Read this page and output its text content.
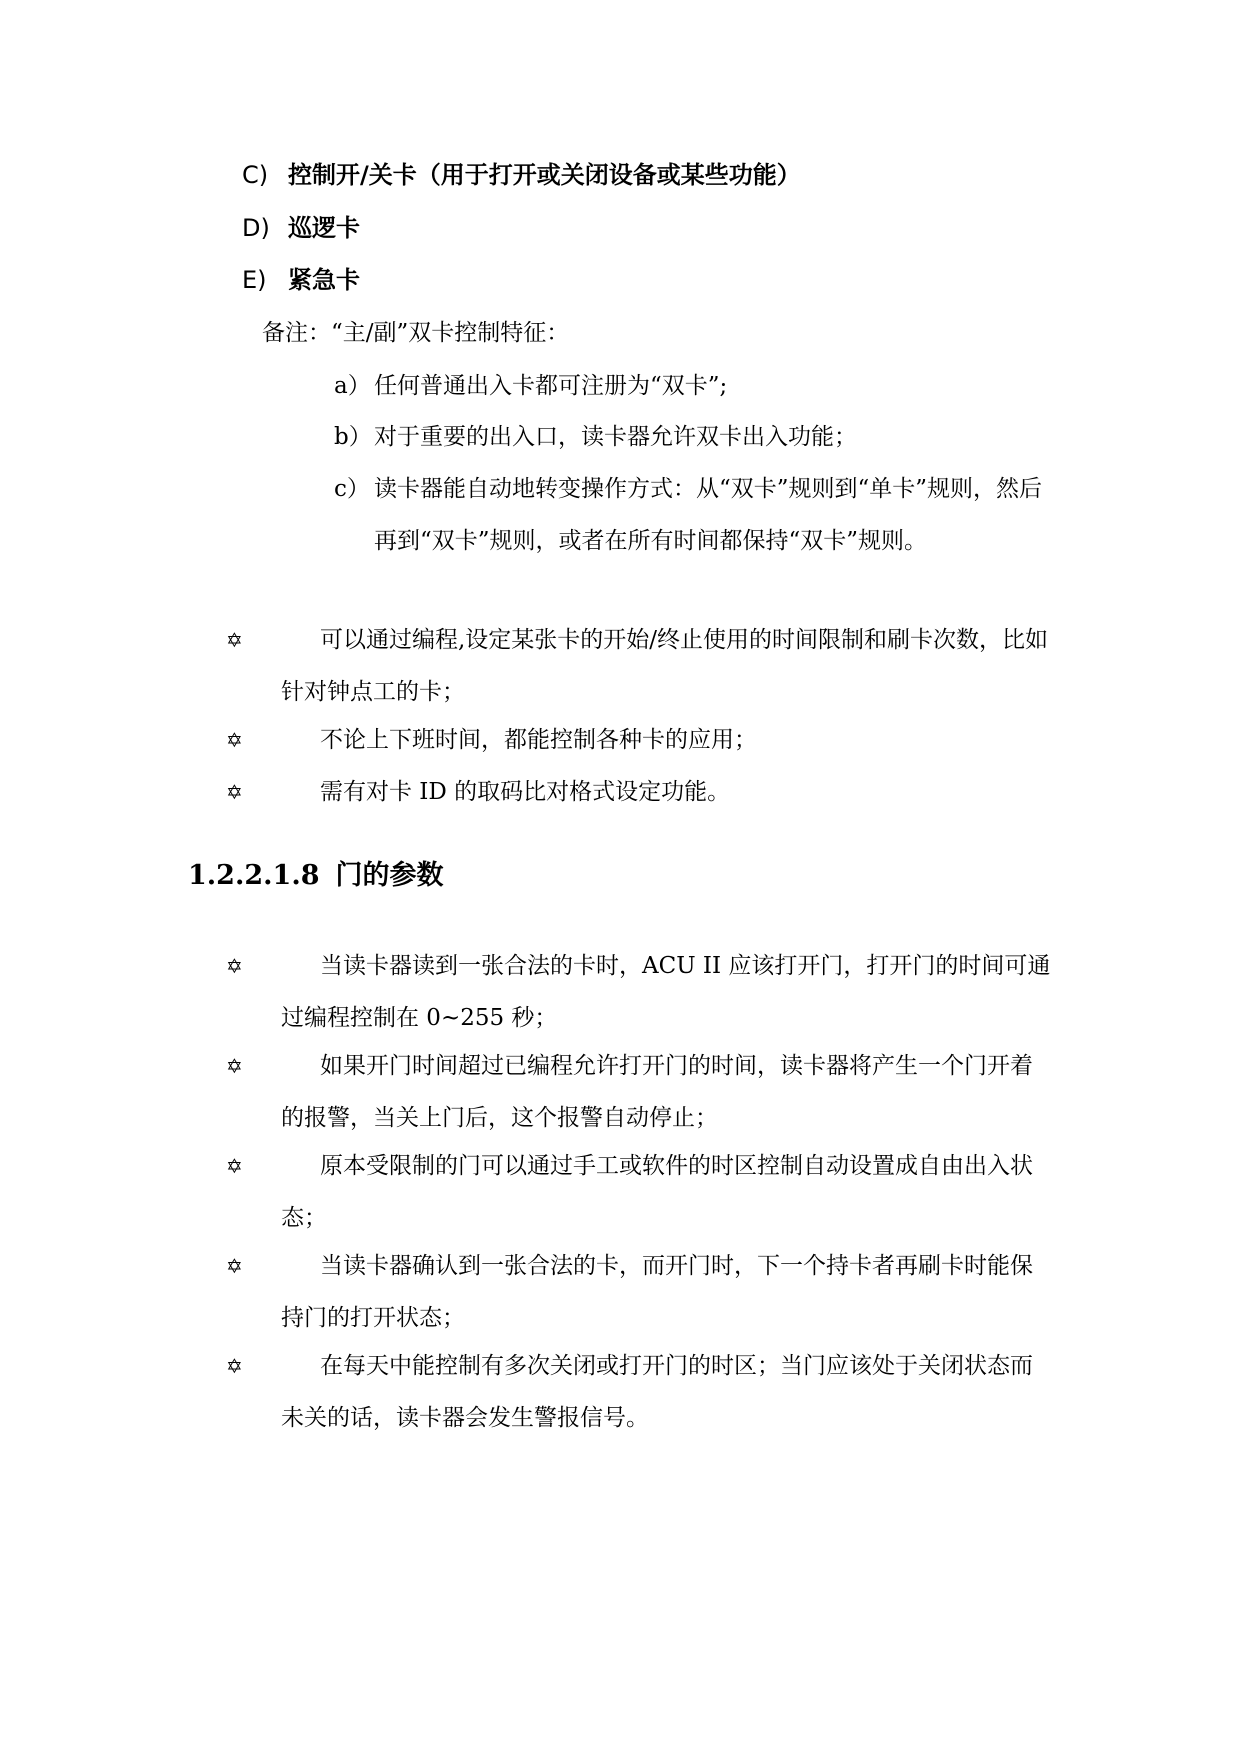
C) 控制开/关卡（用于打开或关闭设备或某些功能）
D) 巡逻卡
E) 紧急卡
备注：“主/副”双卡控制特征：
a） 任何普通出入卡都可注册为“双卡”;
b） 对于重要的出入口，读卡器允许双卡出入功能；
c） 读卡器能自动地转变操作方式：从“双卡”规则到“单卡”规则，然后再到“双卡”规则，或者在所有时间都保持“双卡”规则。
✡	可以通过编程,设定某张卡的开始/终止使用的时间限制和刷卡次数，比如针对钟点工的卡；
✡	不论上下班时间，都能控制各种卡的应用；
✡	需有对卡 ID 的取码比对格式设定功能。
1.2.2.1.8 门的参数
✡	当读卡器读到一张合法的卡时，ACU II 应该打开门，打开门的时间可通过编程控制在 0~255 秒；
✡	如果开门时间超过已编程允许打开门的时间，读卡器将产生一个门开着的报警，当关上门后，这个报警自动停止；
✡	原本受限制的门可以通过手工或软件的时区控制自动设置成自由出入状态；
✡	当读卡器确认到一张合法的卡，而开门时，下一个持卡者再刷卡时能保持门的打开状态；
✡	在每天中能控制有多次关闭或打开门的时区；当门应该处于关闭状态而未关的话，读卡器会发生警报信号。
